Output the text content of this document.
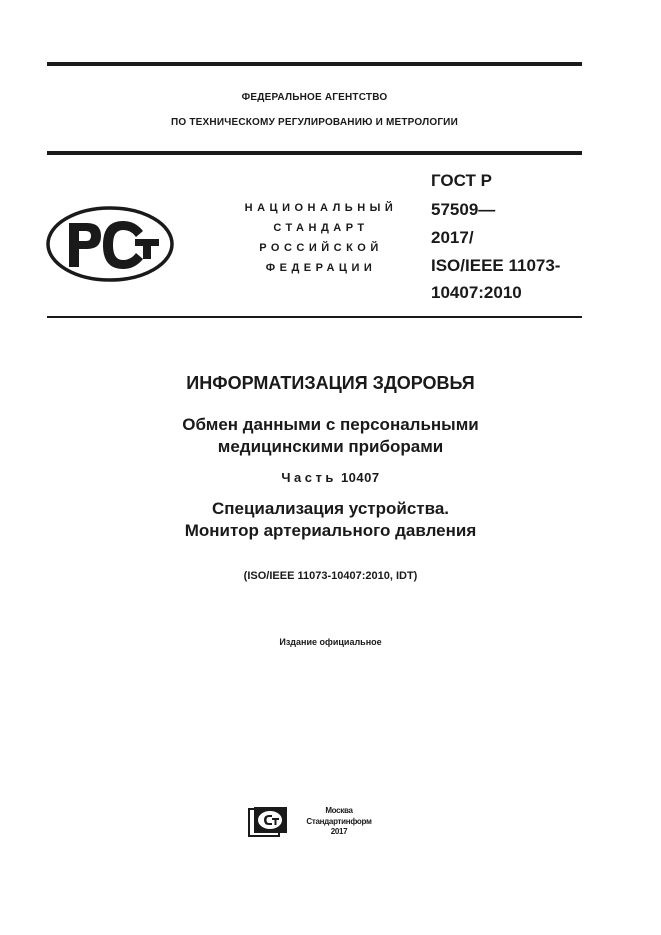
ФЕДЕРАЛЬНОЕ АГЕНТСТВО
ПО ТЕХНИЧЕСКОМУ РЕГУЛИРОВАНИЮ И МЕТРОЛОГИИ
НАЦИОНАЛЬНЫЙ
СТАНДАРТ
РОССИЙСКОЙ
ФЕДЕРАЦИИ
ГОСТ Р
57509—
2017/
ISO/IEEE 11073-
10407:2010
ИНФОРМАТИЗАЦИЯ ЗДОРОВЬЯ
Обмен данными с персональными
медицинскими приборами
Часть 10407
Специализация устройства.
Монитор артериального давления
(ISO/IEEE 11073-10407:2010, IDT)
Издание официальное
Москва
Стандартинформ
2017
